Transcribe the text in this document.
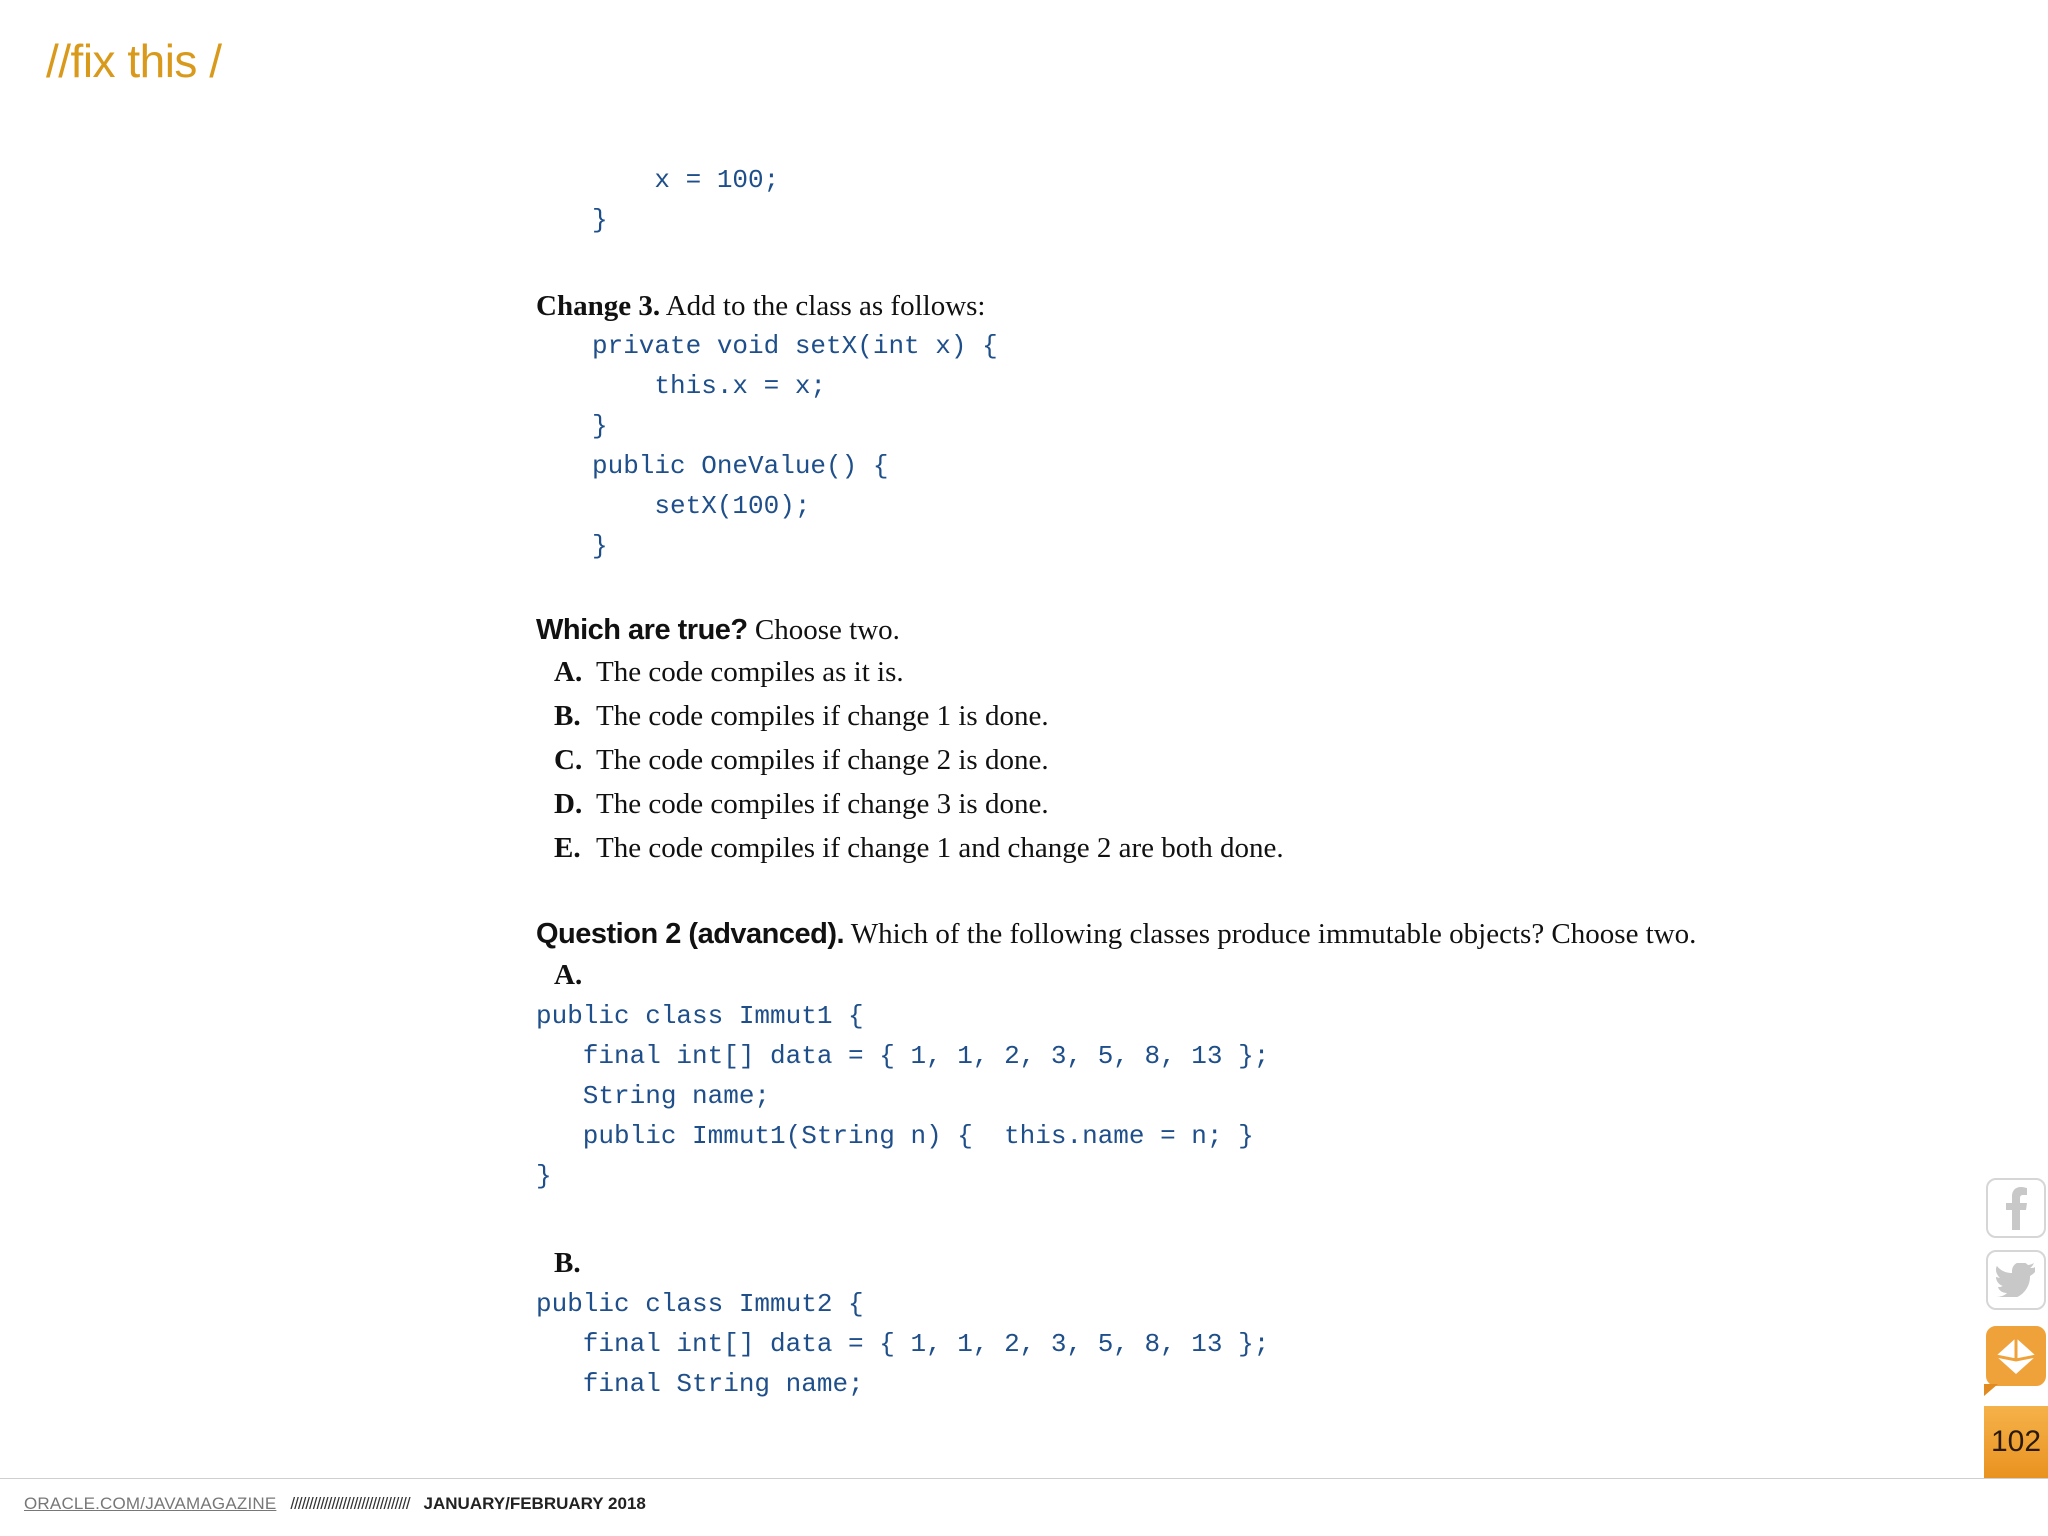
//fix this /
x = 100;
}

Change 3. Add to the class as follows:

private void setX(int x) {
this.x = x;
}
public OneValue() {
setX(100);
}

Which are true? Choose two.

A. The code compiles as it is.
B. The code compiles if change 1 is done.
C. The code compiles if change 2 is done.
D. The code compiles if change 3 is done.
E. The code compiles if change 1 and change 2 are both done.

Question 2 (advanced). Which of the following classes produce immutable objects? Choose two.

A.

public class Immut1 {
final int[] data = { 1, 1, 2, 3, 5, 8, 13 };
String name;
public Immut1(String n) {  this.name = n; }
}

B.

public class Immut2 {
final int[] data = { 1, 1, 2, 3, 5, 8, 13 };
final String name;
102
ORACLE.COM/JAVAMAGAZINE //////////////////////////////// JANUARY/FEBRUARY 2018
